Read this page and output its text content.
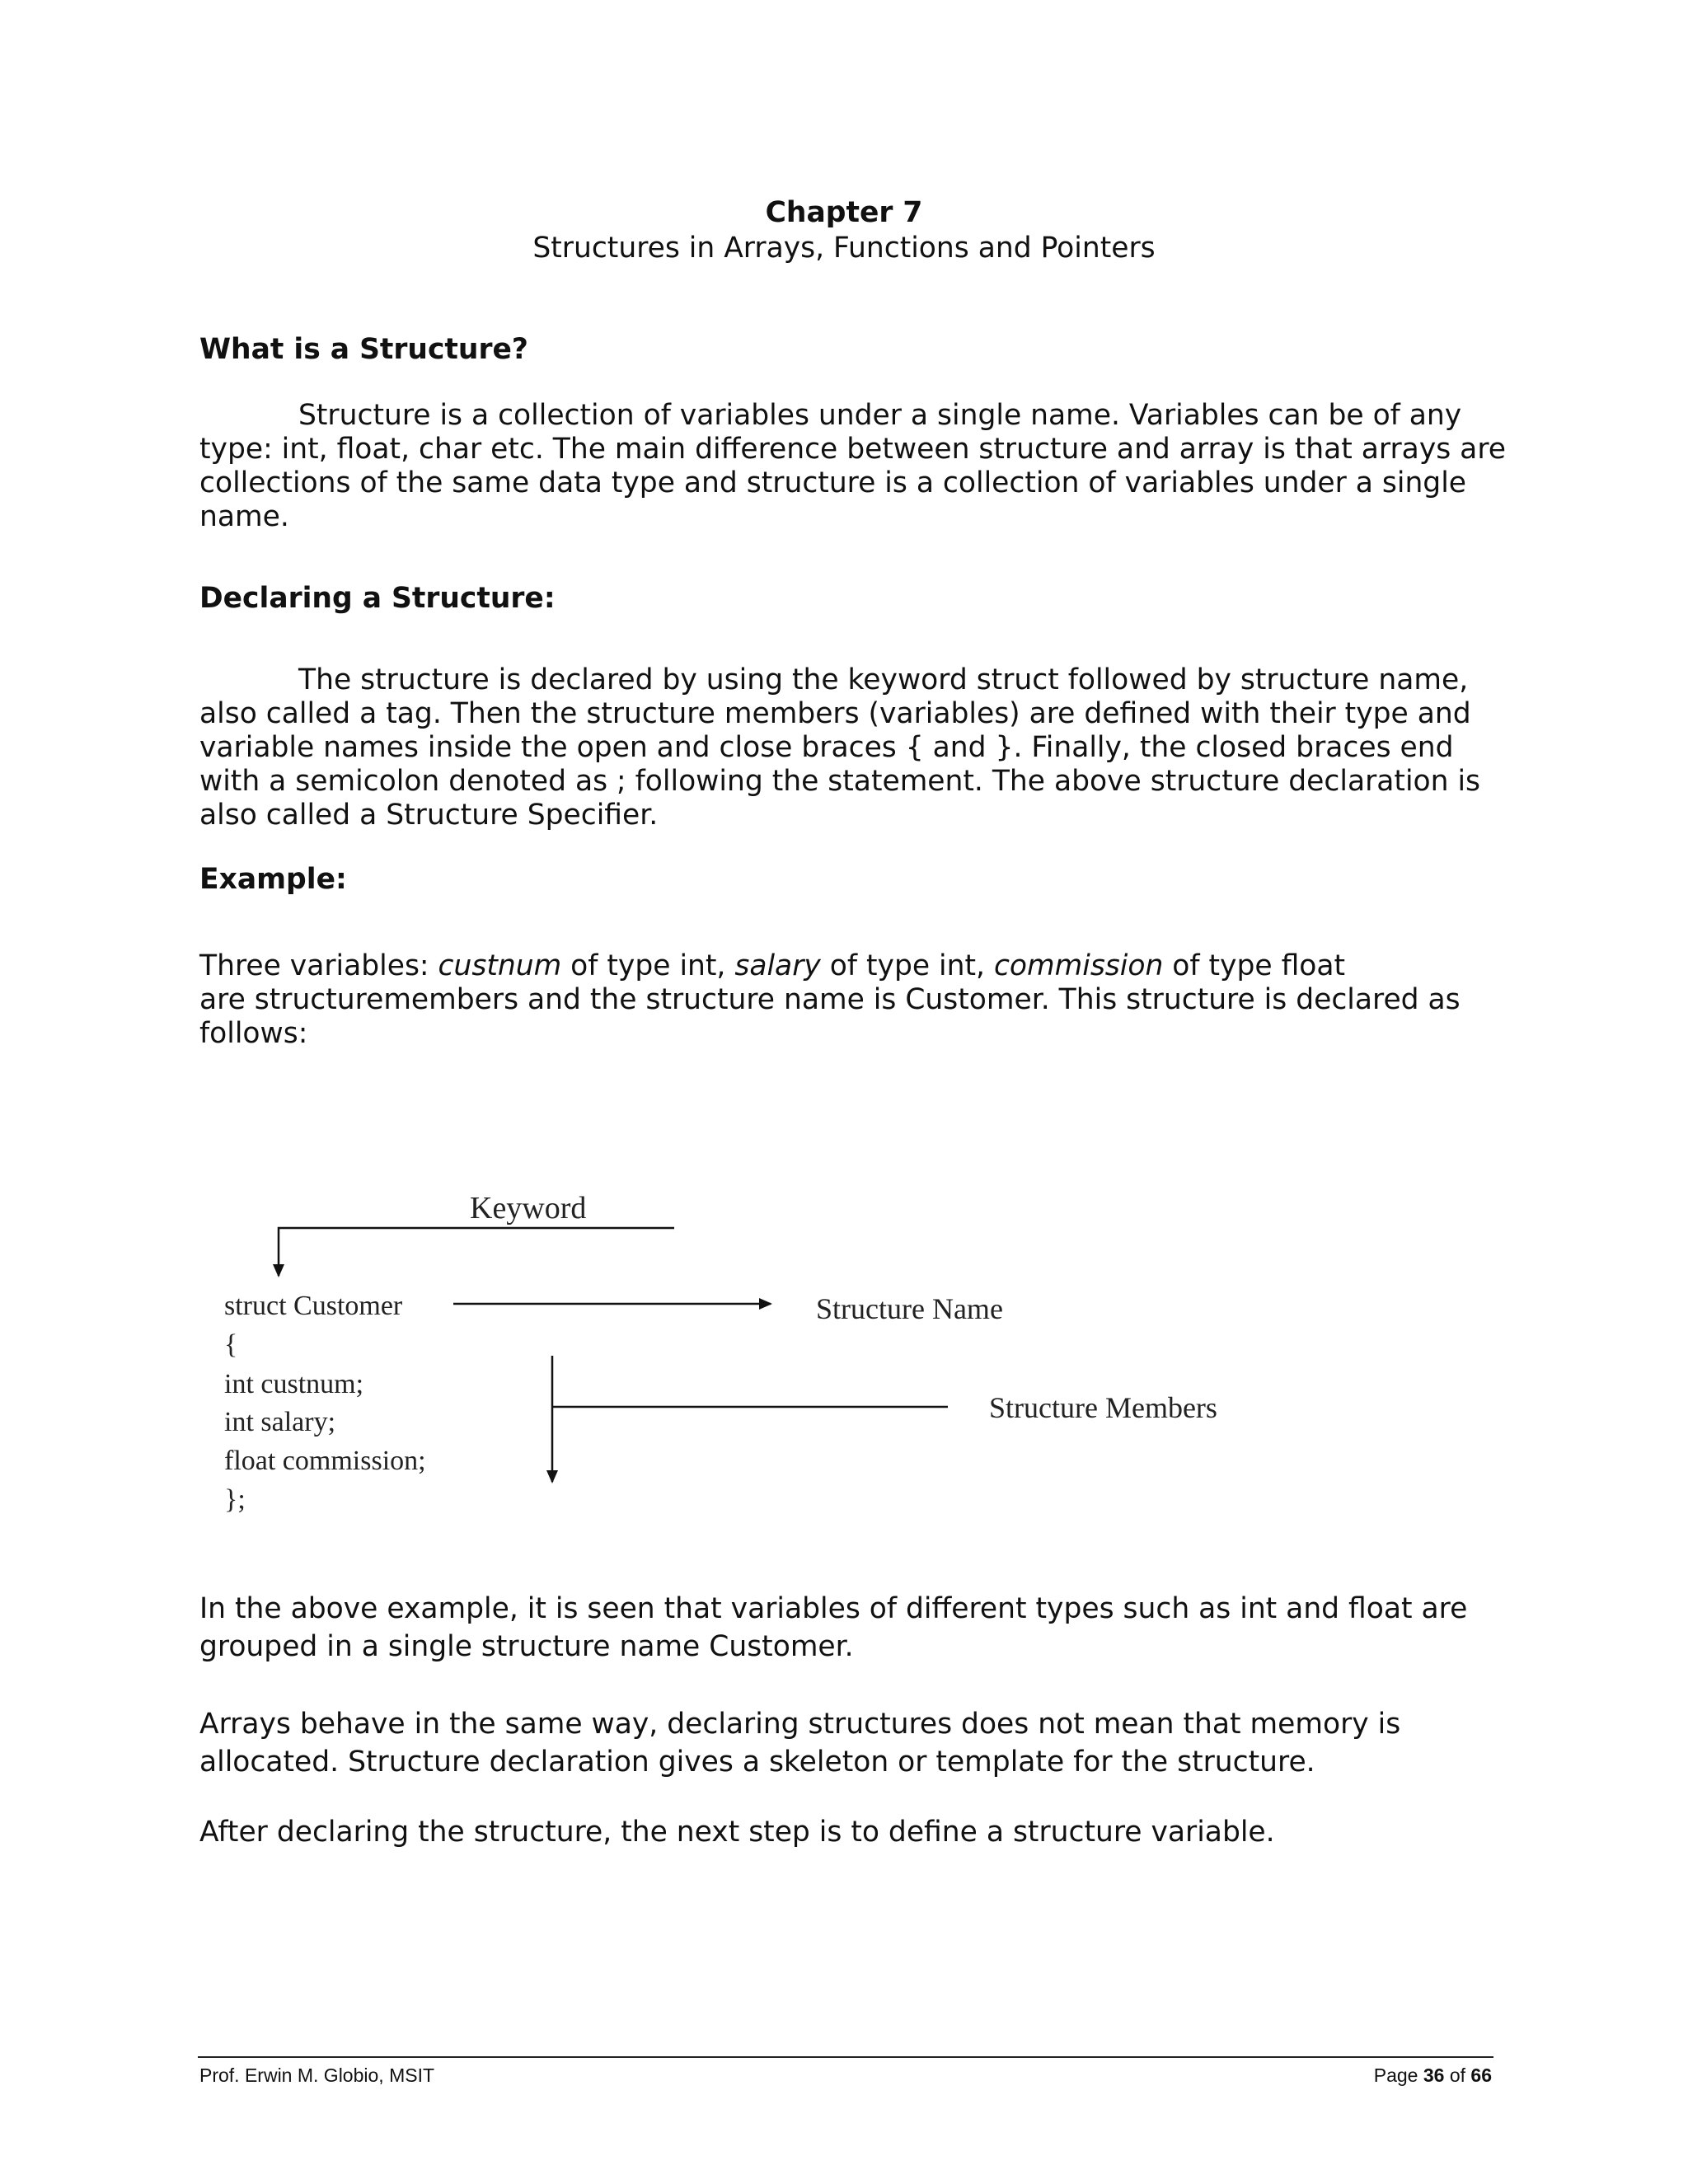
Chapter 7
Structures in Arrays, Functions and Pointers
What is a Structure?

Structure is a collection of variables under a single name. Variables can be of any type: int, float, char etc. The main difference between structure and array is that arrays are collections of the same data type and structure is a collection of variables under a single name.

Declaring a Structure:

The structure is declared by using the keyword struct followed by structure name, also called a tag. Then the structure members (variables) are defined with their type and variable names inside the open and close braces { and }. Finally, the closed braces end with a semicolon denoted as ; following the statement. The above structure declaration is also called a Structure Specifier.

Example:

Three variables: custnum of type int, salary of type int, commission of type float
are structuremembers and the structure name is Customer. This structure is declared as follows:

Keyword
struct Customer	Structure Name
{
int custnum;
int salary;
float commission;
};
Structure Members

In the above example, it is seen that variables of different types such as int and float are grouped in a single structure name Customer.

Arrays behave in the same way, declaring structures does not mean that memory is allocated. Structure declaration gives a skeleton or template for the structure.

After declaring the structure, the next step is to define a structure variable.

Prof. Erwin M. Globio, MSIT	Page 36 of 66
